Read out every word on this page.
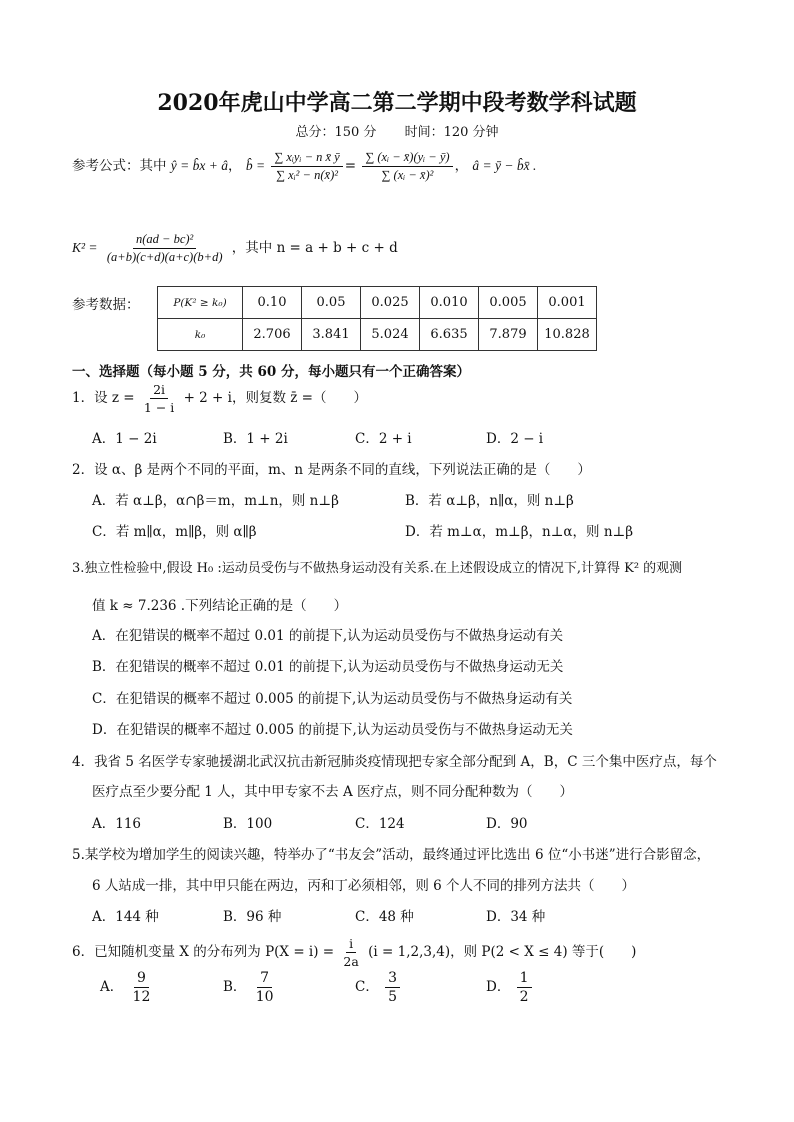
2020年虎山中学高二第二学期中段考数学科试题
总分：150 分 时间：120 分钟
参考公式：其中 ŷ = b̂x + â， b̂ = $\frac{\text{∑ xᵢyᵢ − n x̄ ȳ}}{\text{∑ xᵢ² − n(x̄)²}} = \frac{\text{∑ (xᵢ − x̄)(yᵢ − ȳ)}}{\text{∑ (xᵢ − x̄)²}}$ ， â = ȳ − b̂x̄ .
$K^2 = \frac{\text{n(ad − bc)²}}{(a+b)(c+d)(a+c)(b+d)}$ ，其中 n = a + b + c + d
参考数据：	P(K² ≥ k₀)	0.10	0.05	0.025	0.010	0.005	0.001
k₀	2.706	3.841	5.024	6.635	7.879	10.828
一、选择题（每小题 5 分，共 60 分，每小题只有一个正确答案）
1．设 $z = \frac{2i}{1 - i} + 2 + i$，则复数 z̄ =（　　）
A．1 − 2i	B．1 + 2i	C．2 + i	D．2 − i
2．设 α、β 是两个不同的平面，m、n 是两条不同的直线，下列说法正确的是（　　）
A．若 α⊥β，α∩β＝m，m⊥n，则 n⊥β	B．若 α⊥β，n∥α，则 n⊥β
C．若 m∥α，m∥β，则 α∥β	D．若 m⊥α，m⊥β，n⊥α，则 n⊥β
3.独立性检验中,假设 H₀ :运动员受伤与不做热身运动没有关系.在上述假设成立的情况下,计算得 K² 的观测
值 k ≈ 7.236 .下列结论正确的是（　　）
A．在犯错误的概率不超过 0.01 的前提下,认为运动员受伤与不做热身运动有关
B．在犯错误的概率不超过 0.01 的前提下,认为运动员受伤与不做热身运动无关
C．在犯错误的概率不超过 0.005 的前提下,认为运动员受伤与不做热身运动有关
D．在犯错误的概率不超过 0.005 的前提下,认为运动员受伤与不做热身运动无关
4．我省 5 名医学专家驰援湖北武汉抗击新冠肺炎疫情现把专家全部分配到 A，B，C 三个集中医疗点，每个
医疗点至少要分配 1 人，其中甲专家不去 A 医疗点，则不同分配种数为（　　）
A．116	B．100	C．124	D．90
5.某学校为增加学生的阅读兴趣，特举办了“书友会”活动，最终通过评比选出 6 位“小书迷”进行合影留念，
6 人站成一排，其中甲只能在两边，丙和丁必须相邻，则 6 个人不同的排列方法共（　　）
A．144 种	B．96 种	C．48 种	D．34 种
6．已知随机变量 X 的分布列为 $P(X = i) = \frac{i}{2a} (i = 1,2,3,4)$，则 P(2 < X ≤ 4) 等于(　　)
A． $\frac{9}{12}$	B． $\frac{7}{10}$	C． $\frac{3}{5}$	D． $\frac{1}{2}$
